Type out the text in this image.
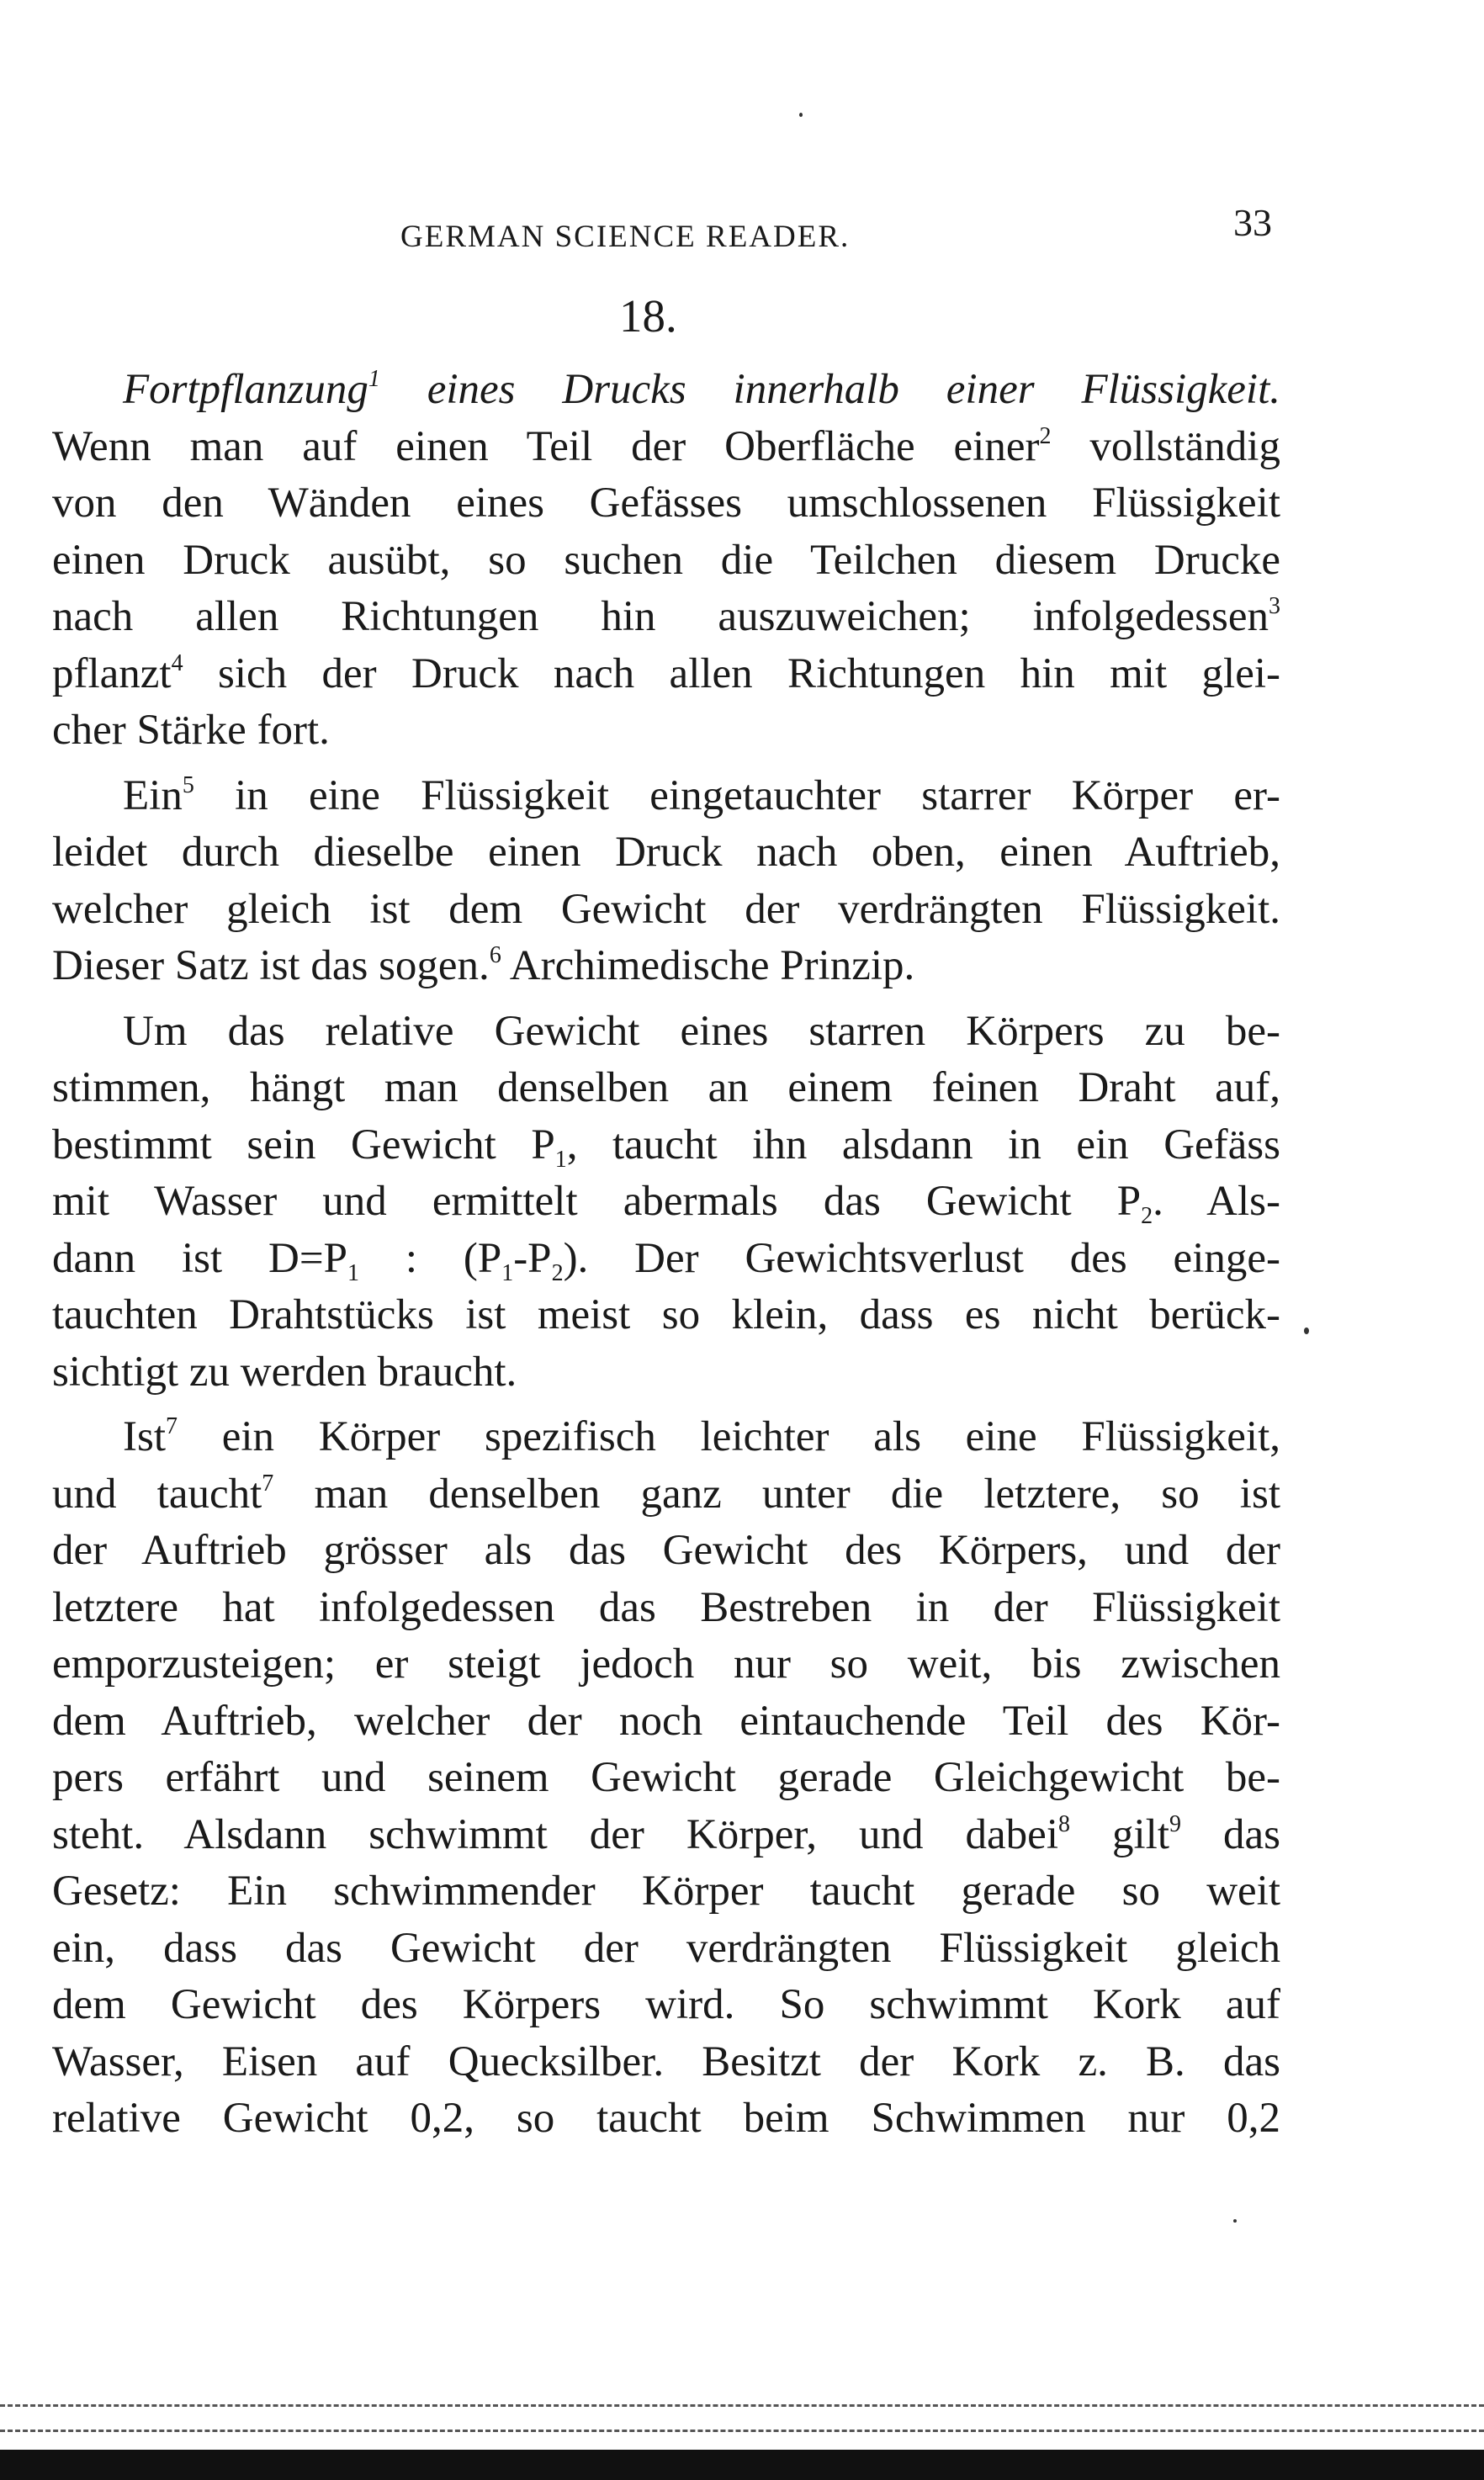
GERMAN SCIENCE READER.	33
18.

Fortpflanzung$^1$ eines Drucks innerhalb einer Flüssigkeit.
Wenn man auf einen Teil der Oberfläche einer$^2$ vollständig
von den Wänden eines Gefässes umschlossenen Flüssigkeit
einen Druck ausübt, so suchen die Teilchen diesem Drucke
nach allen Richtungen hin auszuweichen; infolgedessen$^3$
pflanzt$^4$ sich der Druck nach allen Richtungen hin mit glei-
cher Stärke fort.

Ein$^5$ in eine Flüssigkeit eingetauchter starrer Körper er-
leidet durch dieselbe einen Druck nach oben, einen Auftrieb,
welcher gleich ist dem Gewicht der verdrängten Flüssigkeit.
Dieser Satz ist das sogen.$^6$ Archimedische Prinzip.

Um das relative Gewicht eines starren Körpers zu be-
stimmen, hängt man denselben an einem feinen Draht auf,
bestimmt sein Gewicht $P_1$, taucht ihn alsdann in ein Gefäss
mit Wasser und ermittelt abermals das Gewicht $P_2$. Als-
dann ist $D=P_1$ : $(P_1-P_2)$. Der Gewichtsverlust des einge-
tauchten Drahtstücks ist meist so klein, dass es nicht berück-
sichtigt zu werden braucht.

Ist$^7$ ein Körper spezifisch leichter als eine Flüssigkeit,
und taucht$^7$ man denselben ganz unter die letztere, so ist
der Auftrieb grösser als das Gewicht des Körpers, und der
letztere hat infolgedessen das Bestreben in der Flüssigkeit
emporzusteigen; er steigt jedoch nur so weit, bis zwischen
dem Auftrieb, welcher der noch eintauchende Teil des Kör-
pers erfährt und seinem Gewicht gerade Gleichgewicht be-
steht. Alsdann schwimmt der Körper, und dabei$^8$ gilt$^9$ das
Gesetz: Ein schwimmender Körper taucht gerade so weit
ein, dass das Gewicht der verdrängten Flüssigkeit gleich
dem Gewicht des Körpers wird. So schwimmt Kork auf
Wasser, Eisen auf Quecksilber. Besitzt der Kork z. B. das
relative Gewicht 0,2, so taucht beim Schwimmen nur 0,2
